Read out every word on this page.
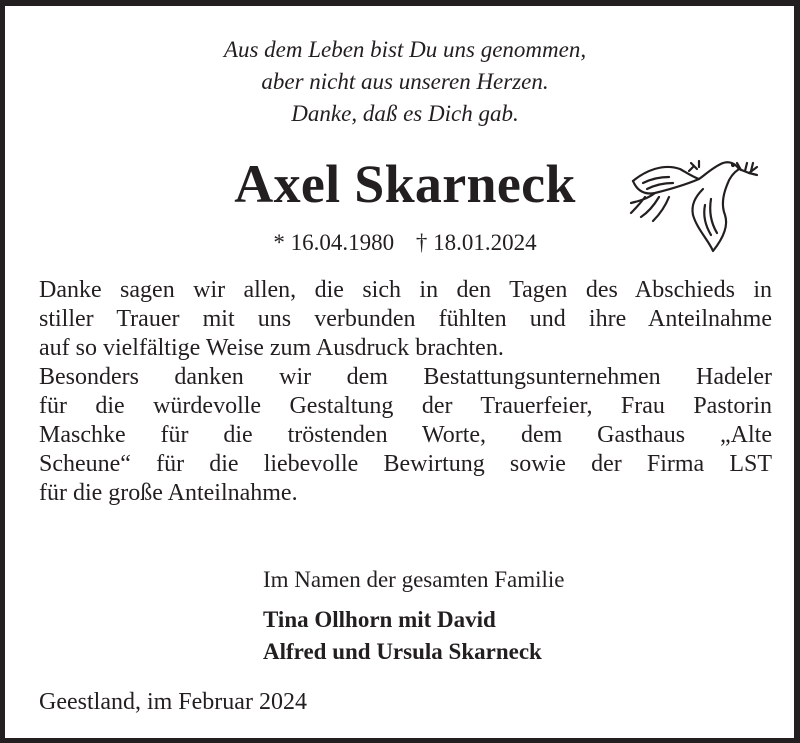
Aus dem Leben bist Du uns genommen,
aber nicht aus unseren Herzen.
Danke, daß es Dich gab.
Axel Skarneck
* 16.04.1980 † 18.01.2024
Danke sagen wir allen, die sich in den Tagen des Abschieds in
stiller Trauer mit uns verbunden fühlten und ihre Anteilnahme
auf so vielfältige Weise zum Ausdruck brachten.
Besonders danken wir dem Bestattungsunternehmen Hadeler
für die würdevolle Gestaltung der Trauerfeier, Frau Pastorin
Maschke für die tröstenden Worte, dem Gasthaus „Alte
Scheune“ für die liebevolle Bewirtung sowie der Firma LST
für die große Anteilnahme.
Im Namen der gesamten Familie
Tina Ollhorn mit David
Alfred und Ursula Skarneck
Geestland, im Februar 2024
